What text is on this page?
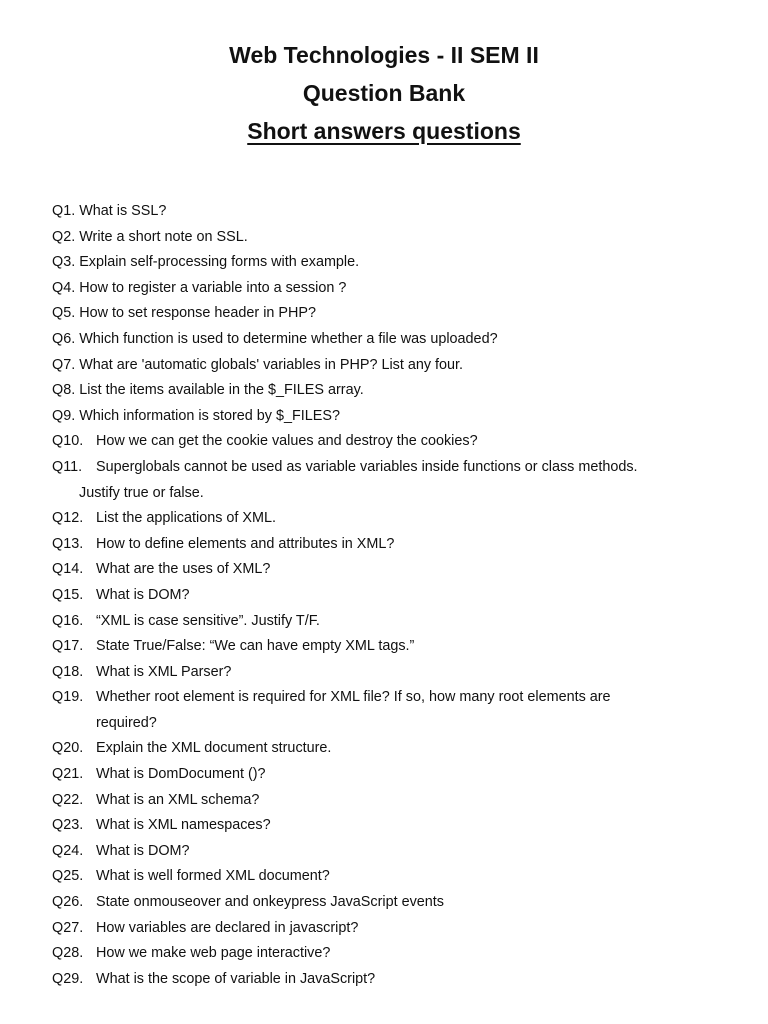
Web Technologies - II SEM II

Question Bank

Short answers questions

Q1. What is SSL?
Q2. Write a short note on SSL.
Q3. Explain self-processing forms with example.
Q4. How to register a variable into a session ?
Q5. How to set response header in PHP?
Q6. Which function is used to determine whether a file was uploaded?
Q7. What are 'automatic globals' variables in PHP? List any four.
Q8. List the items available in the $_FILES array.
Q9. Which information is stored by $_FILES?
Q10. How we can get the cookie values and destroy the cookies?
Q11. Superglobals cannot be used as variable variables inside functions or class methods.
Justify true or false.
Q12. List the applications of XML.
Q13. How to define elements and attributes in XML?
Q14. What are the uses of XML?
Q15. What is DOM?
Q16. “XML is case sensitive”. Justify T/F.
Q17. State True/False: “We can have empty XML tags.”
Q18. What is XML Parser?
Q19. Whether root element is required for XML file? If so, how many root elements are
required?
Q20. Explain the XML document structure.
Q21. What is DomDocument ()?
Q22. What is an XML schema?
Q23. What is XML namespaces?
Q24. What is DOM?
Q25. What is well formed XML document?
Q26. State onmouseover and onkeypress JavaScript events
Q27. How variables are declared in javascript?
Q28. How we make web page interactive?
Q29. What is the scope of variable in JavaScript?
